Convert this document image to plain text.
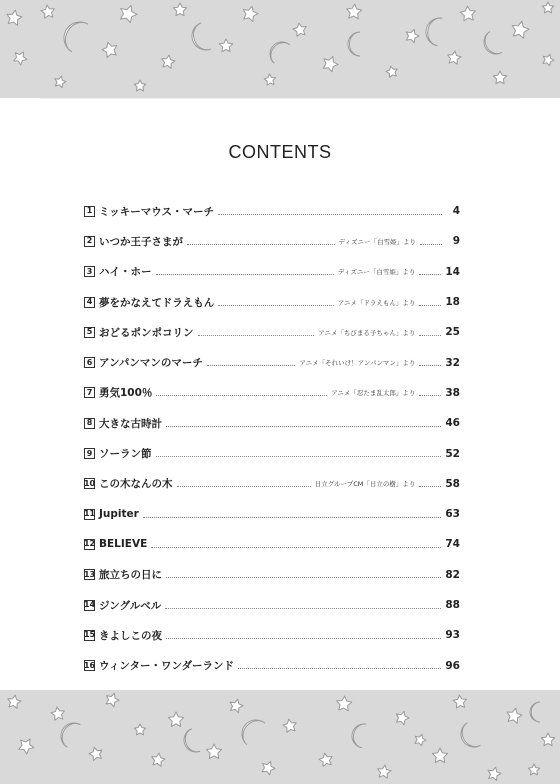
CONTENTS
1 ミッキーマウス・マーチ	4
2 いつか王子さまが	ディズニー「白雪姫」より	9
3 ハイ・ホー	ディズニー「白雪姫」より	14
4 夢をかなえてドラえもん	アニメ「ドラえもん」より	18
5 おどるポンポコリン	アニメ「ちびまる子ちゃん」より	25
6 アンパンマンのマーチ	アニメ「それいけ！アンパンマン」より	32
7 勇気100％	アニメ「忍たま乱太郎」より	38
8 大きな古時計	46
9 ソーラン節	52
10 この木なんの木	日立グループCM「日立の樹」より	58
11 Jupiter	63
12 BELIEVE	74
13 旅立ちの日に	82
14 ジングルベル	88
15 きよしこの夜	93
16 ウィンター・ワンダーランド	96
